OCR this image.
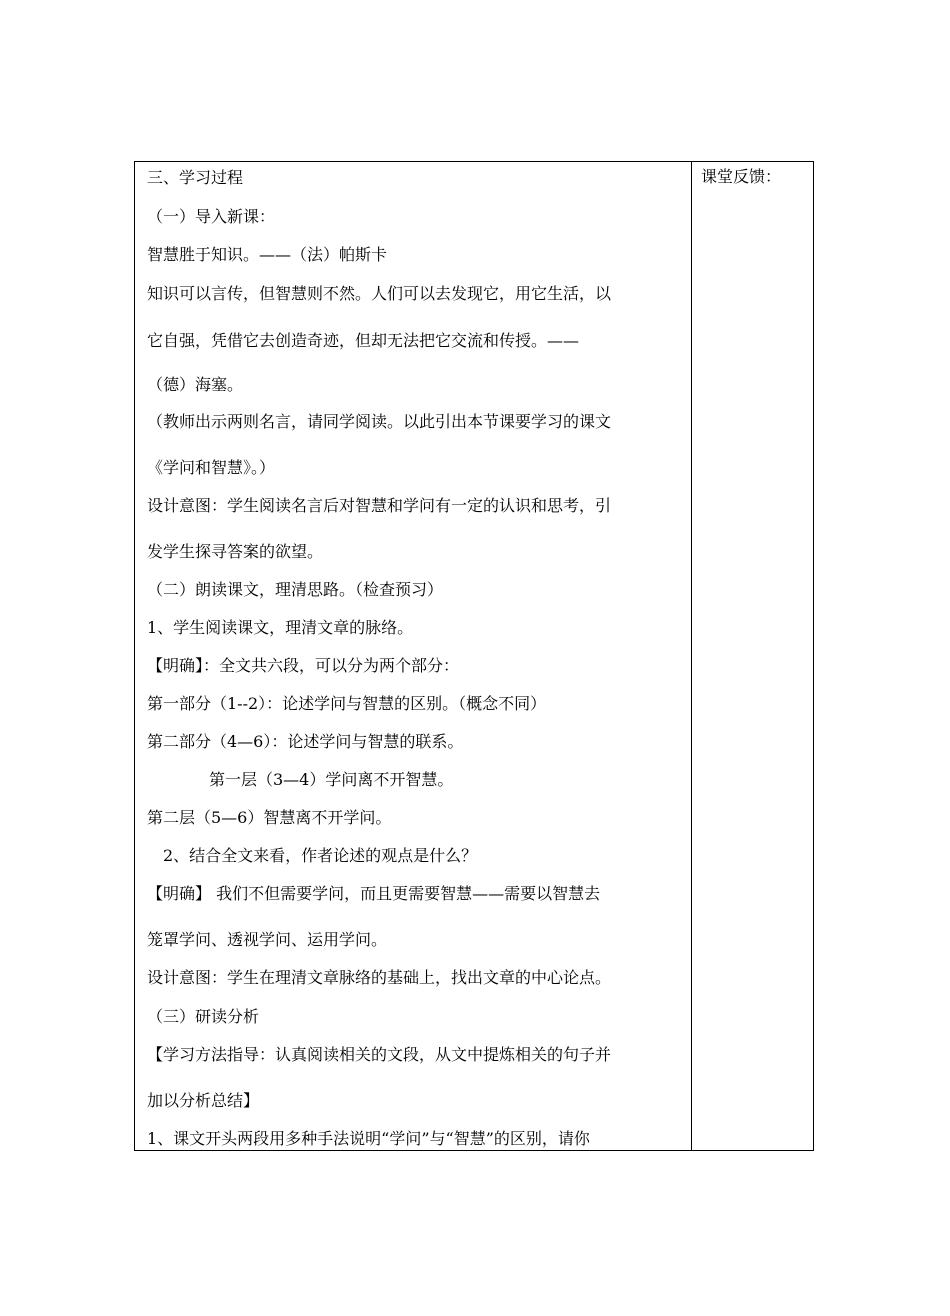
三、学习过程
（一）导入新课：
智慧胜于知识。——（法）帕斯卡
知识可以言传，但智慧则不然。人们可以去发现它，用它生活，以
它自强，凭借它去创造奇迹，但却无法把它交流和传授。——
（德）海塞。
（教师出示两则名言，请同学阅读。以此引出本节课要学习的课文
《学问和智慧》。）
设计意图：学生阅读名言后对智慧和学问有一定的认识和思考，引
发学生探寻答案的欲望。
（二）朗读课文，理清思路。（检查预习）
1、学生阅读课文，理清文章的脉络。
【明确】：全文共六段，可以分为两个部分：
第一部分（1--2）：论述学问与智慧的区别。（概念不同）
第二部分（4—6）：论述学问与智慧的联系。
第一层（3—4）学问离不开智慧。
第二层（5—6）智慧离不开学问。
2、结合全文来看，作者论述的观点是什么？
【明确】 我们不但需要学问，而且更需要智慧——需要以智慧去
笼罩学问、透视学问、运用学问。
设计意图：学生在理清文章脉络的基础上，找出文章的中心论点。
（三）研读分析
【学习方法指导：认真阅读相关的文段，从文中提炼相关的句子并
加以分析总结】
1、课文开头两段用多种手法说明“学问”与“智慧”的区别，请你
课堂反馈：
